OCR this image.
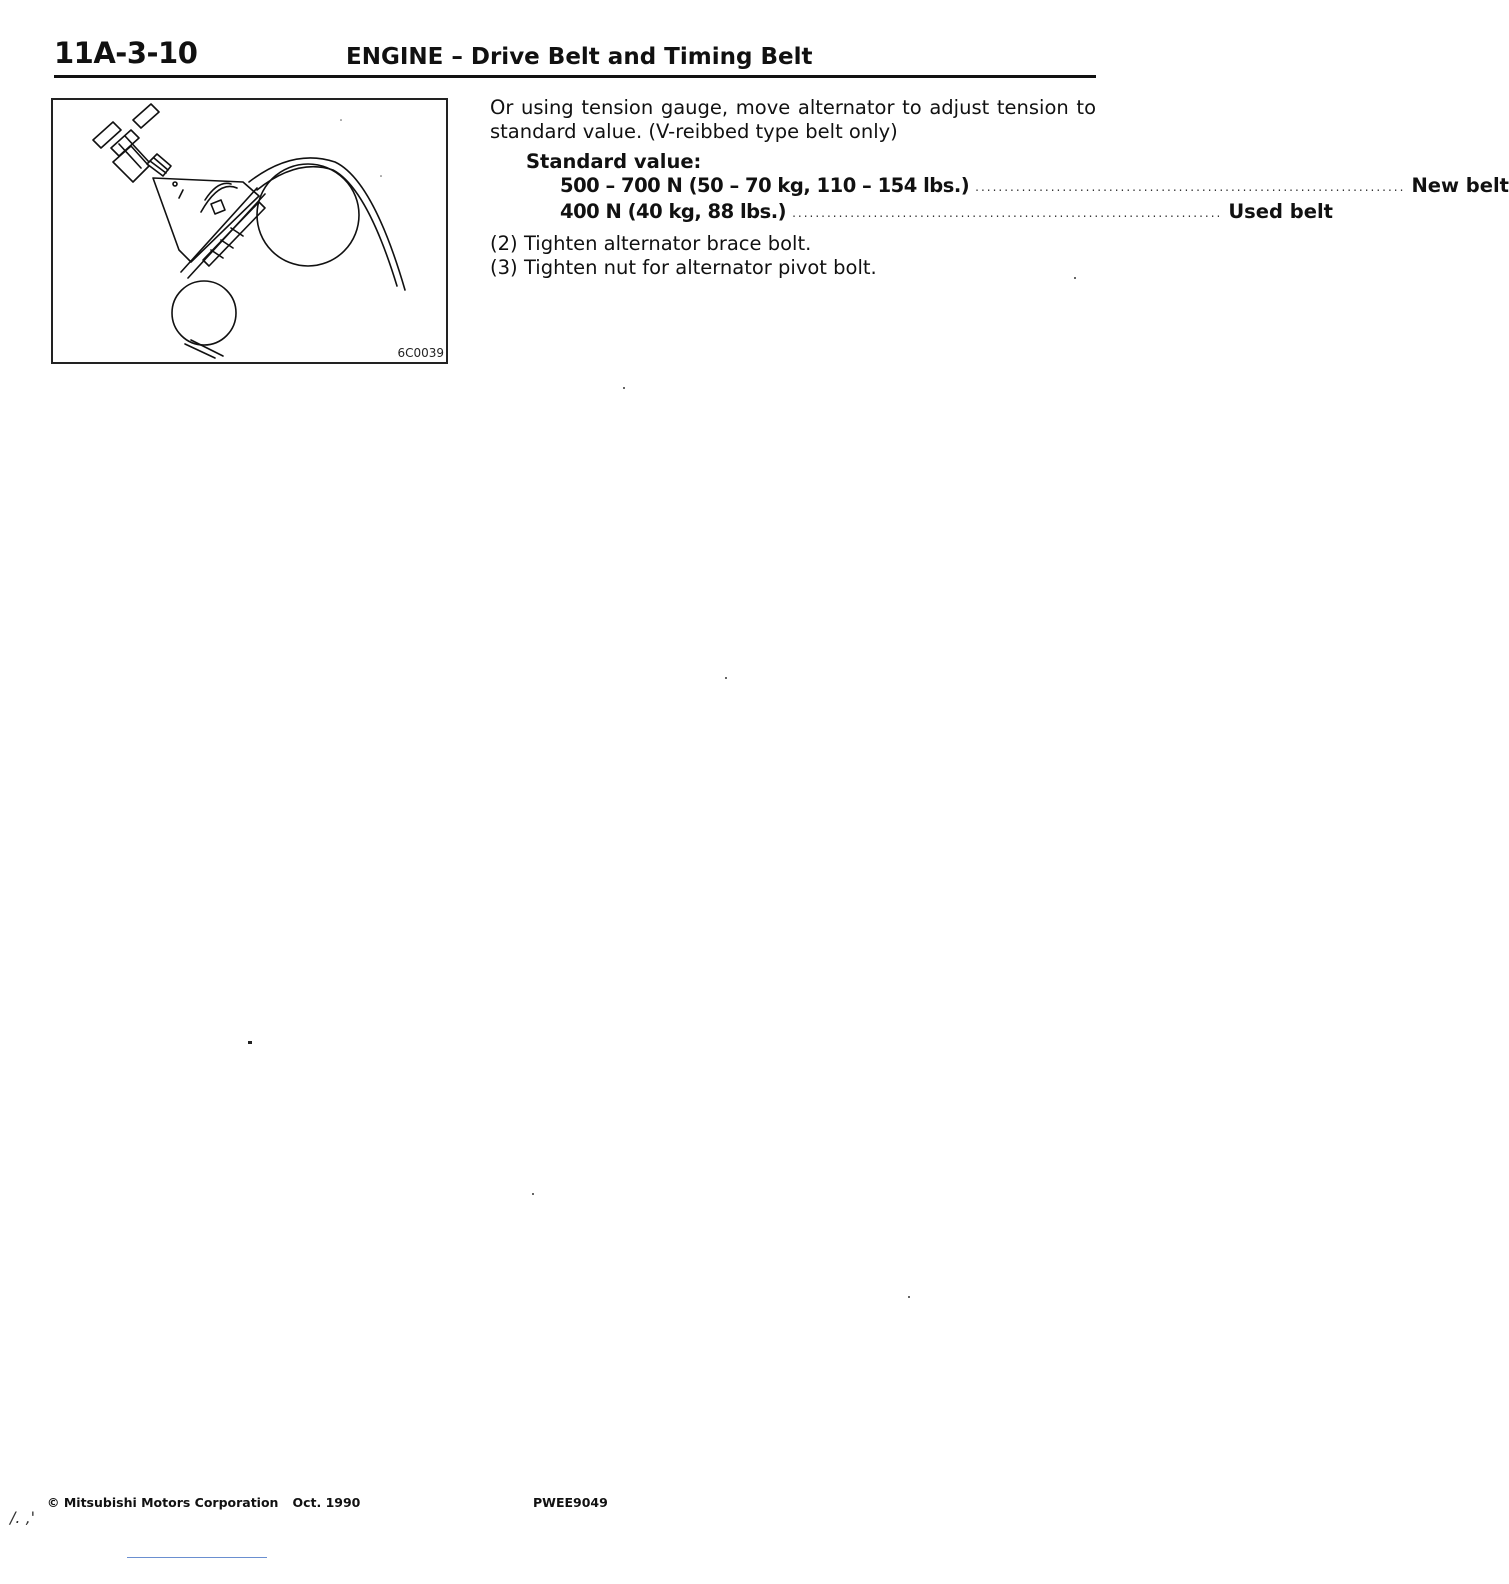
11A-3-10	ENGINE – Drive Belt and Timing Belt
6C0039

Or using tension gauge, move alternator to adjust tension to standard value. (V-reibbed type belt only)

Standard value:
500 – 700 N (50 – 70 kg, 110 – 154 lbs.) .......................................................................... New belt
400 N (40 kg, 88 lbs.) .......................................................................... Used belt
(2) Tighten alternator brace bolt.
(3) Tighten nut for alternator pivot bolt.
© Mitsubishi Motors Corporation Oct. 1990	PWEE9049
/. ,'
